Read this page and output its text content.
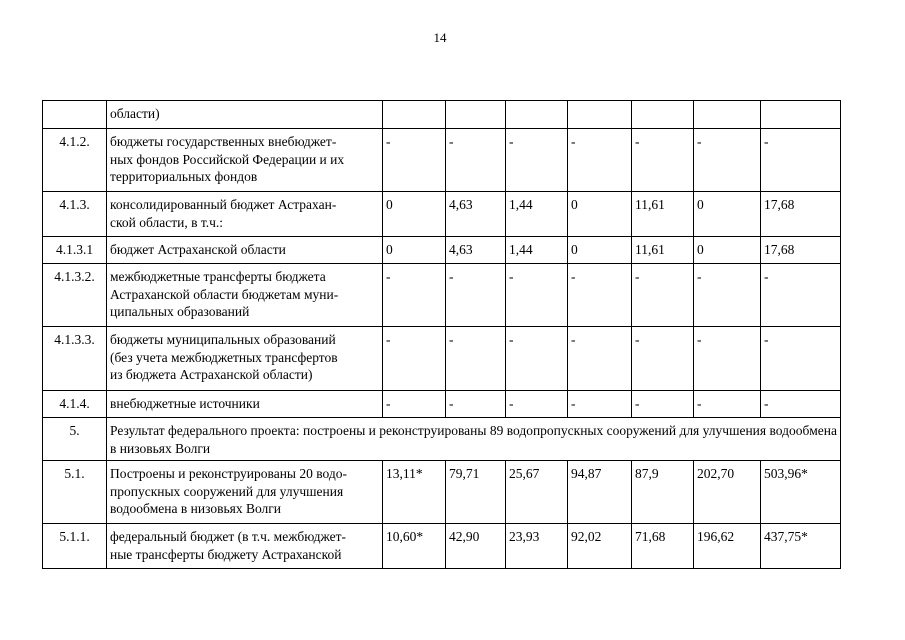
14
	области)							
4.1.2.	бюджеты государственных внебюджет-
ных фондов Российской Федерации и их
территориальных фондов	-	-	-	-	-	-	-
4.1.3.	консолидированный бюджет Астрахан-
ской области, в т.ч.:	0	4,63	1,44	0	11,61	0	17,68
4.1.3.1	бюджет Астраханской области	0	4,63	1,44	0	11,61	0	17,68
4.1.3.2.	межбюджетные трансферты бюджета
Астраханской области бюджетам муни-
ципальных образований	-	-	-	-	-	-	-
4.1.3.3.	бюджеты муниципальных образований
(без учета межбюджетных трансфертов
из бюджета Астраханской области)	-	-	-	-	-	-	-
4.1.4.	внебюджетные источники	-	-	-	-	-	-	-
5.	Результат федерального проекта: построены и реконструированы 89 водопропускных сооружений для улучшения водообмена в низовьях Волги							
5.1.	Построены и реконструированы 20 водо-
пропускных сооружений для улучшения
водообмена в низовьях Волги	13,11*	79,71	25,67	94,87	87,9	202,70	503,96*
5.1.1.	федеральный бюджет (в т.ч. межбюджет-
ные трансферты бюджету Астраханской	10,60*	42,90	23,93	92,02	71,68	196,62	437,75*
